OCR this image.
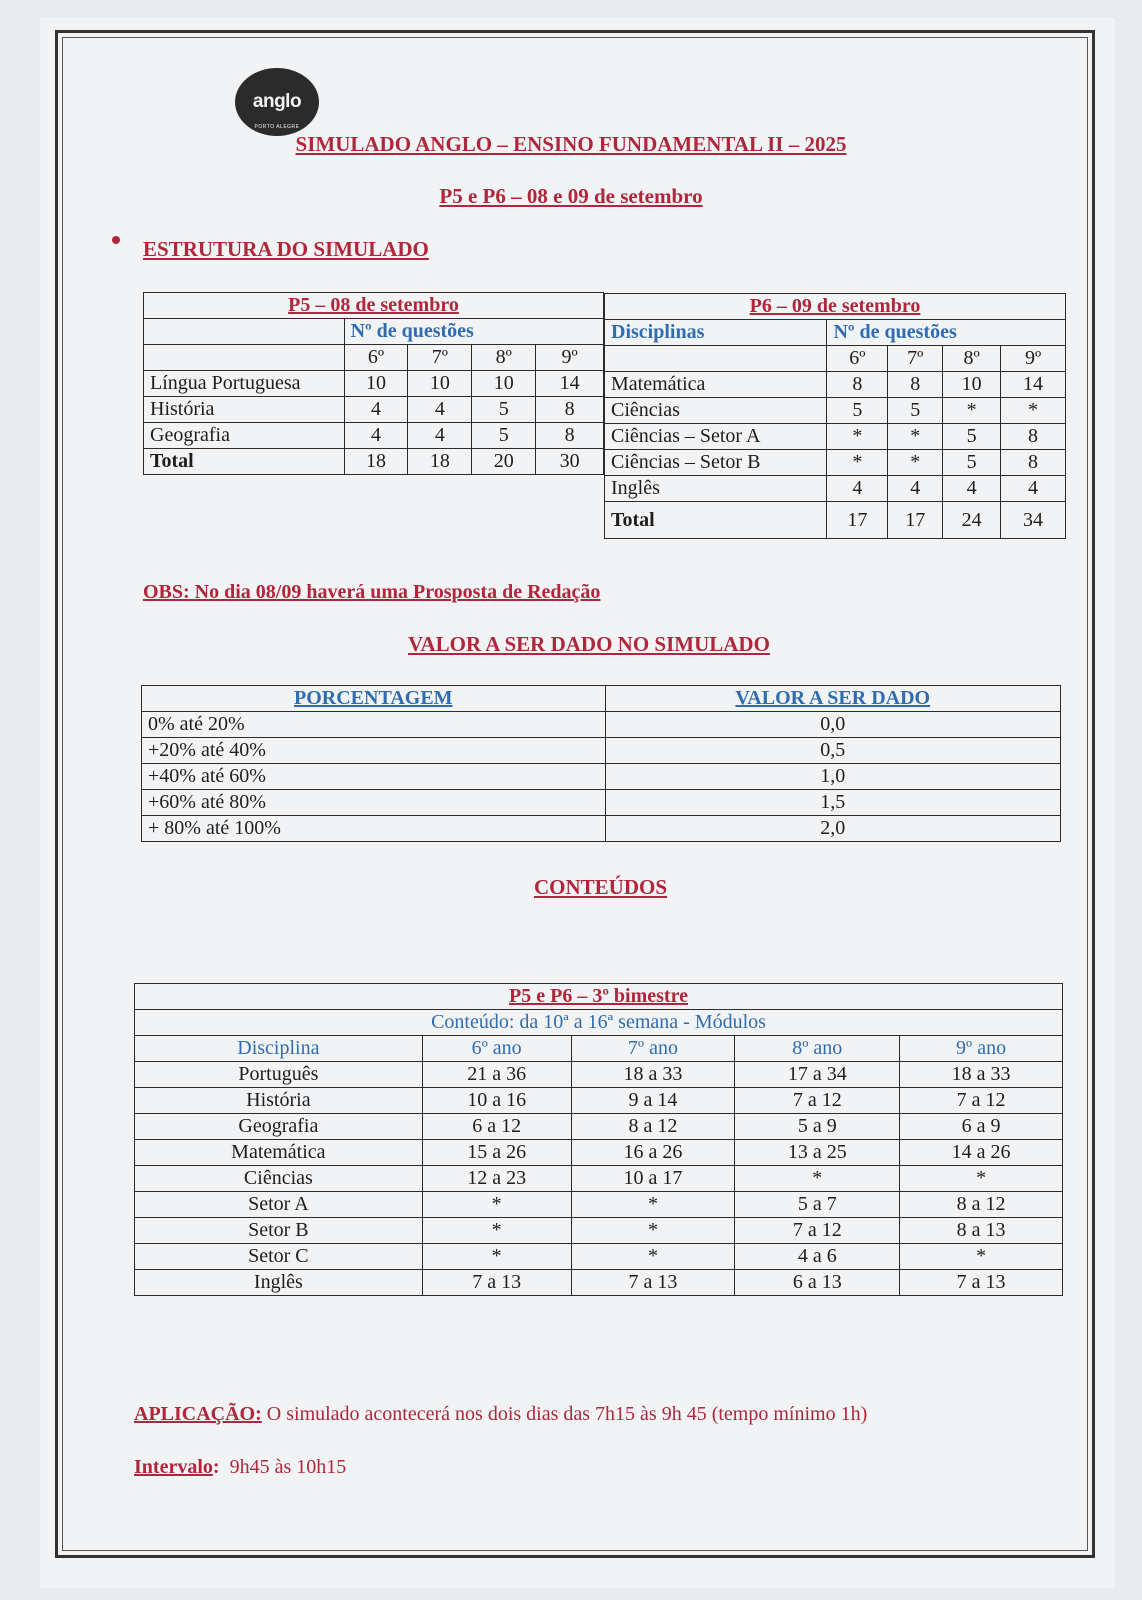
anglo
PORTO ALEGRE
SIMULADO ANGLO – ENSINO FUNDAMENTAL II – 2025
P5 e P6 – 08 e 09 de setembro
ESTRUTURA DO SIMULADO
P5 – 08 de setembro				
	Nº de questões			
	6º	7º	8º	9º
Língua Portuguesa	10	10	10	14
História	4	4	5	8
Geografia	4	4	5	8
Total	18	18	20	30
P6 – 09 de setembro				
Disciplinas	Nº de questões			
	6º	7º	8º	9º
Matemática	8	8	10	14
Ciências	5	5	*	*
Ciências – Setor A	*	*	5	8
Ciências – Setor B	*	*	5	8
Inglês	4	4	4	4
Total	17	17	24	34
OBS: No dia 08/09 haverá uma Prosposta de Redação
VALOR A SER DADO NO SIMULADO
PORCENTAGEM	VALOR A SER DADO
0% até 20%	0,0
+20% até 40%	0,5
+40% até 60%	1,0
+60% até 80%	1,5
+ 80% até 100%	2,0
CONTEÚDOS
P5 e P6 – 3º bimestre				
Conteúdo: da 10ª a 16ª semana - Módulos				
Disciplina	6º ano	7º ano	8º ano	9º ano
Português	21 a 36	18 a 33	17 a 34	18 a 33
História	10 a 16	9 a 14	7 a 12	7 a 12
Geografia	6 a 12	8 a 12	5 a 9	6 a 9
Matemática	15 a 26	16 a 26	13 a 25	14 a 26
Ciências	12 a 23	10 a 17	*	*
Setor A	*	*	5 a 7	8 a 12
Setor B	*	*	7 a 12	8 a 13
Setor C	*	*	4 a 6	*
Inglês	7 a 13	7 a 13	6 a 13	7 a 13
APLICAÇÃO: O simulado acontecerá nos dois dias das 7h15 às 9h 45 (tempo mínimo 1h)
Intervalo:  9h45 às 10h15
